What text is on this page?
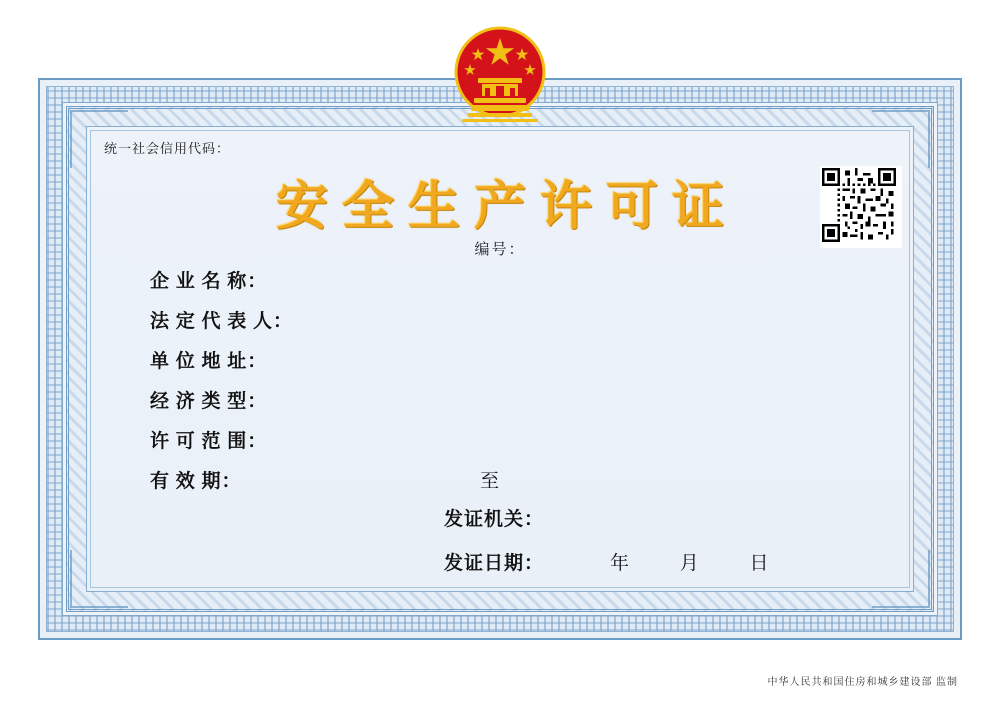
统一社会信用代码：
安全生产许可证
编号：
企 业 名 称：
法 定 代 表 人：
单 位 地 址：
经 济 类 型：
许 可 范 围：
有 效 期：	至
发证机关：
发证日期：	年	月	日
中华人民共和国住房和城乡建设部 监制
